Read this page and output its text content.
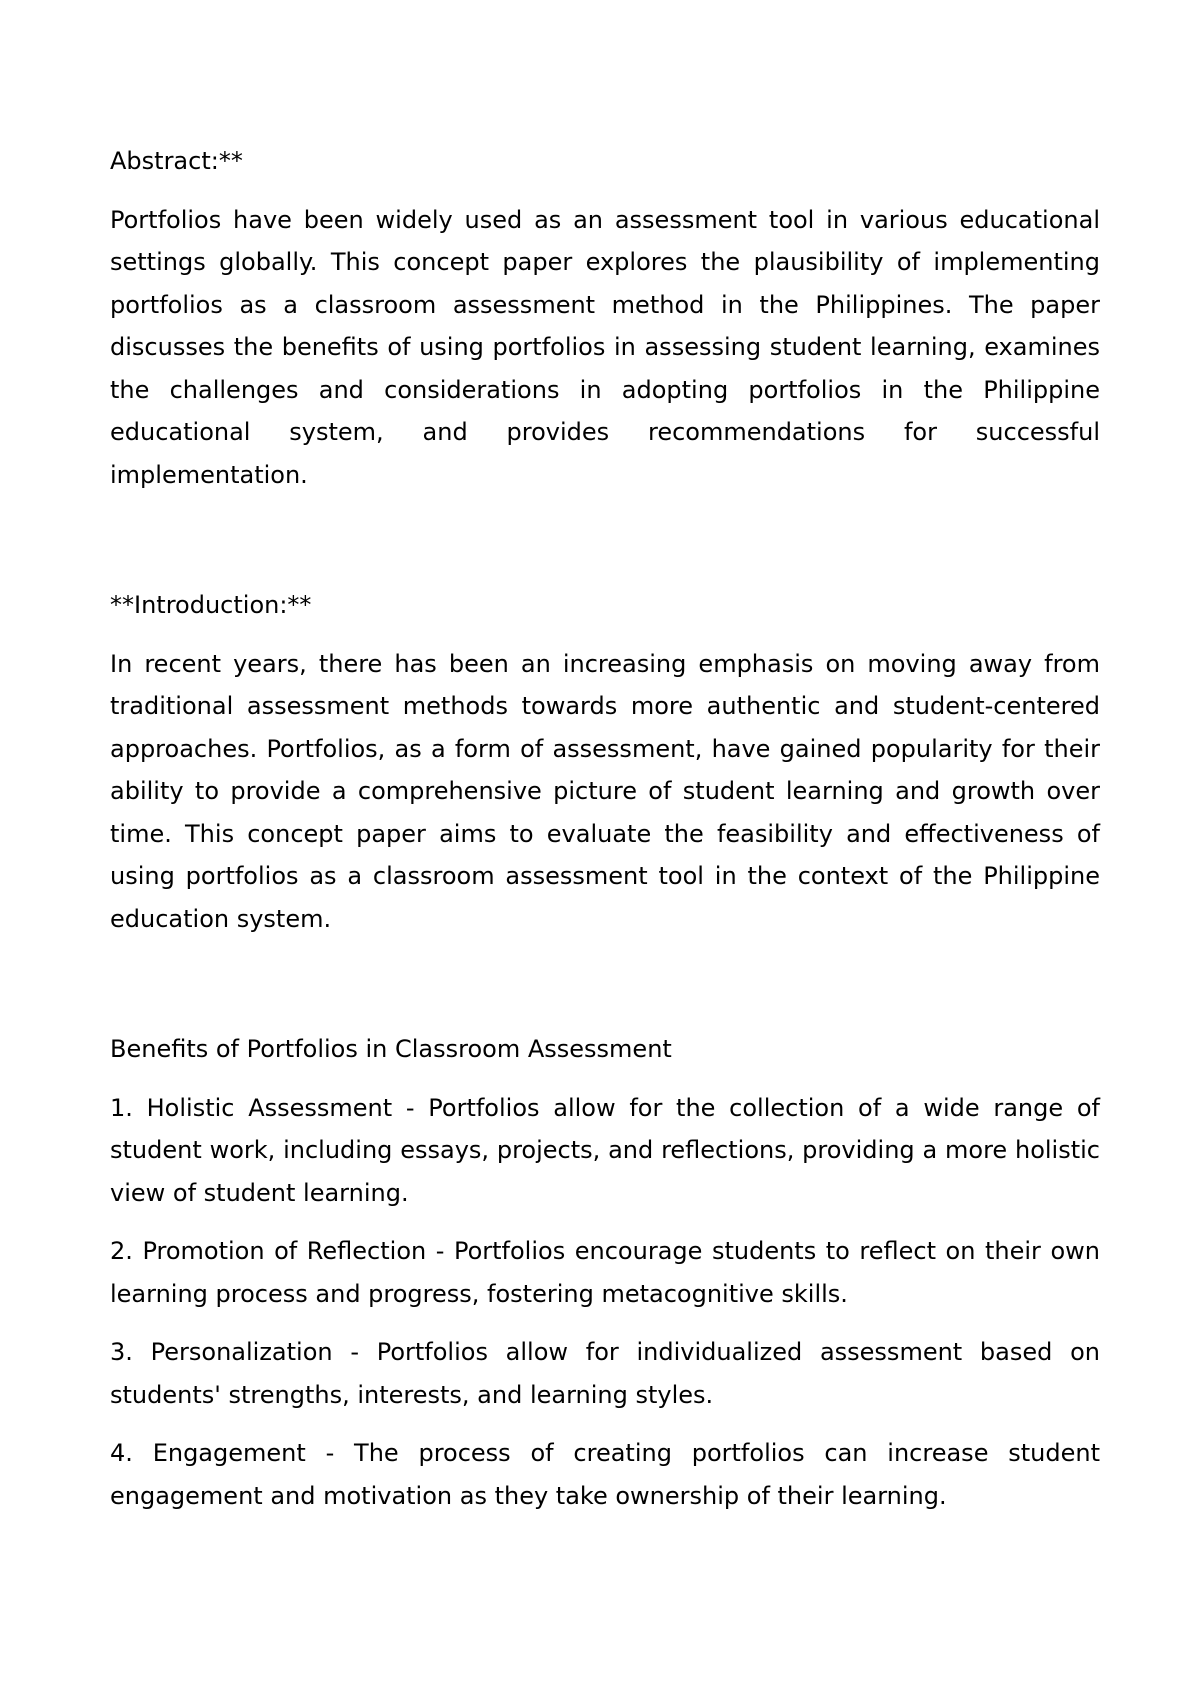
Abstract:**

Portfolios have been widely used as an assessment tool in various educational settings globally. This concept paper explores the plausibility of implementing portfolios as a classroom assessment method in the Philippines. The paper discusses the benefits of using portfolios in assessing student learning, examines the challenges and considerations in adopting portfolios in the Philippine educational system, and provides recommendations for successful implementation.

**Introduction:**

In recent years, there has been an increasing emphasis on moving away from traditional assessment methods towards more authentic and student-centered approaches. Portfolios, as a form of assessment, have gained popularity for their ability to provide a comprehensive picture of student learning and growth over time. This concept paper aims to evaluate the feasibility and effectiveness of using portfolios as a classroom assessment tool in the context of the Philippine education system.

Benefits of Portfolios in Classroom Assessment

1. Holistic Assessment - Portfolios allow for the collection of a wide range of student work, including essays, projects, and reflections, providing a more holistic view of student learning.

2. Promotion of Reflection - Portfolios encourage students to reflect on their own learning process and progress, fostering metacognitive skills.

3. Personalization - Portfolios allow for individualized assessment based on students' strengths, interests, and learning styles.

4. Engagement - The process of creating portfolios can increase student engagement and motivation as they take ownership of their learning.
